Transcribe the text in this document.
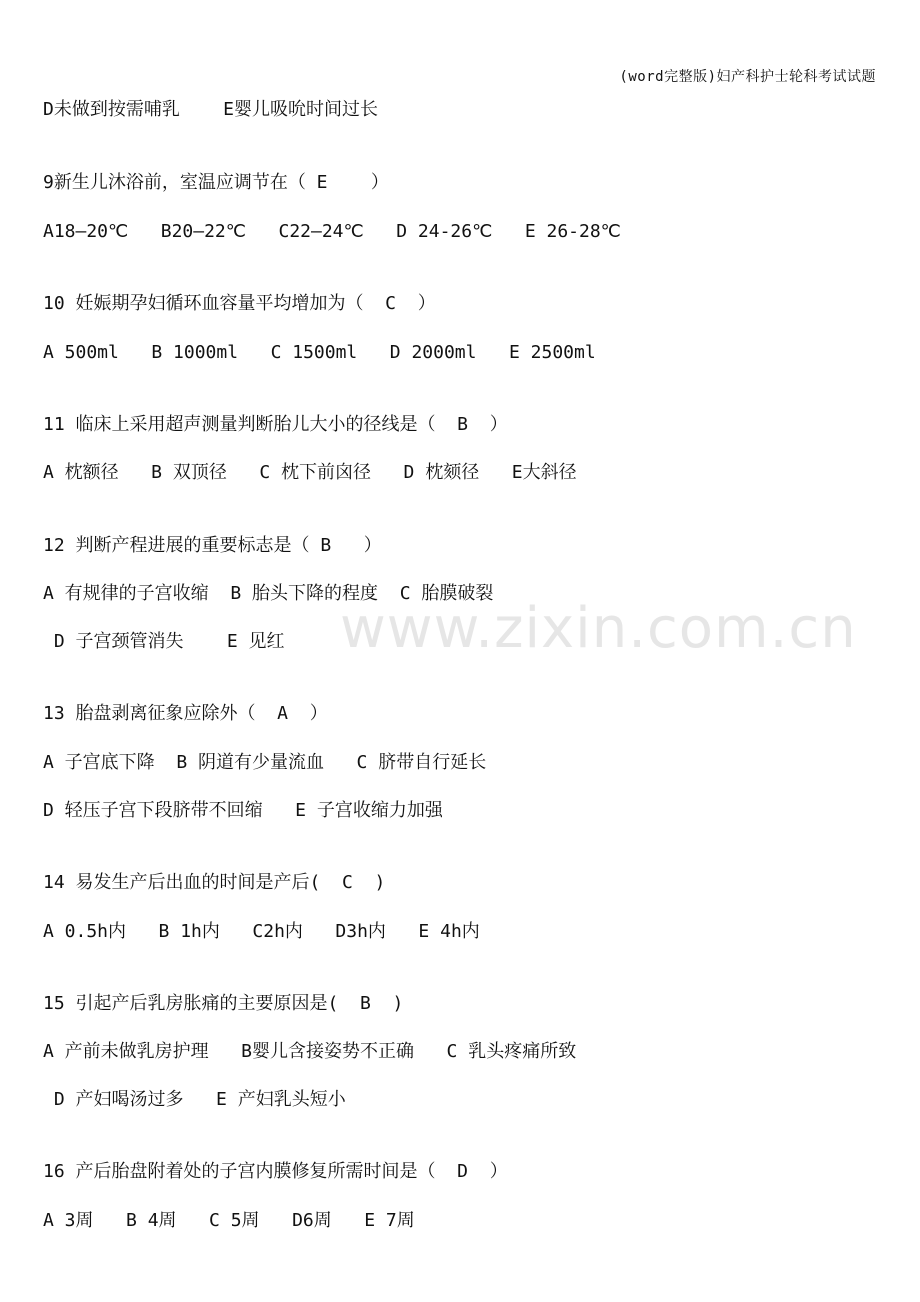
(word完整版)妇产科护士轮科考试试题
www.zixin.com.cn
D未做到按需哺乳    E婴儿吸吮时间过长
9新生儿沐浴前，室温应调节在（ E    ）
A18—20℃   B20—22℃   C22—24℃   D 24-26℃   E 26-28℃
10 妊娠期孕妇循环血容量平均增加为（  C  ）
A 500ml   B 1000ml   C 1500ml   D 2000ml   E 2500ml
11 临床上采用超声测量判断胎儿大小的径线是（  B  ）
A 枕额径   B 双顶径   C 枕下前囟径   D 枕颏径   E大斜径
12 判断产程进展的重要标志是（ B   ）
A 有规律的子宫收缩  B 胎头下降的程度  C 胎膜破裂
D 子宫颈管消失    E 见红
13 胎盘剥离征象应除外（  A  ）
A 子宫底下降  B 阴道有少量流血   C 脐带自行延长
D 轻压子宫下段脐带不回缩   E 子宫收缩力加强
14 易发生产后出血的时间是产后(  C  )
A 0.5h内   B 1h内   C2h内   D3h内   E 4h内
15 引起产后乳房胀痛的主要原因是(  B  )
A 产前未做乳房护理   B婴儿含接姿势不正确   C 乳头疼痛所致
D 产妇喝汤过多   E 产妇乳头短小
16 产后胎盘附着处的子宫内膜修复所需时间是（  D  ）
A 3周   B 4周   C 5周   D6周   E 7周
